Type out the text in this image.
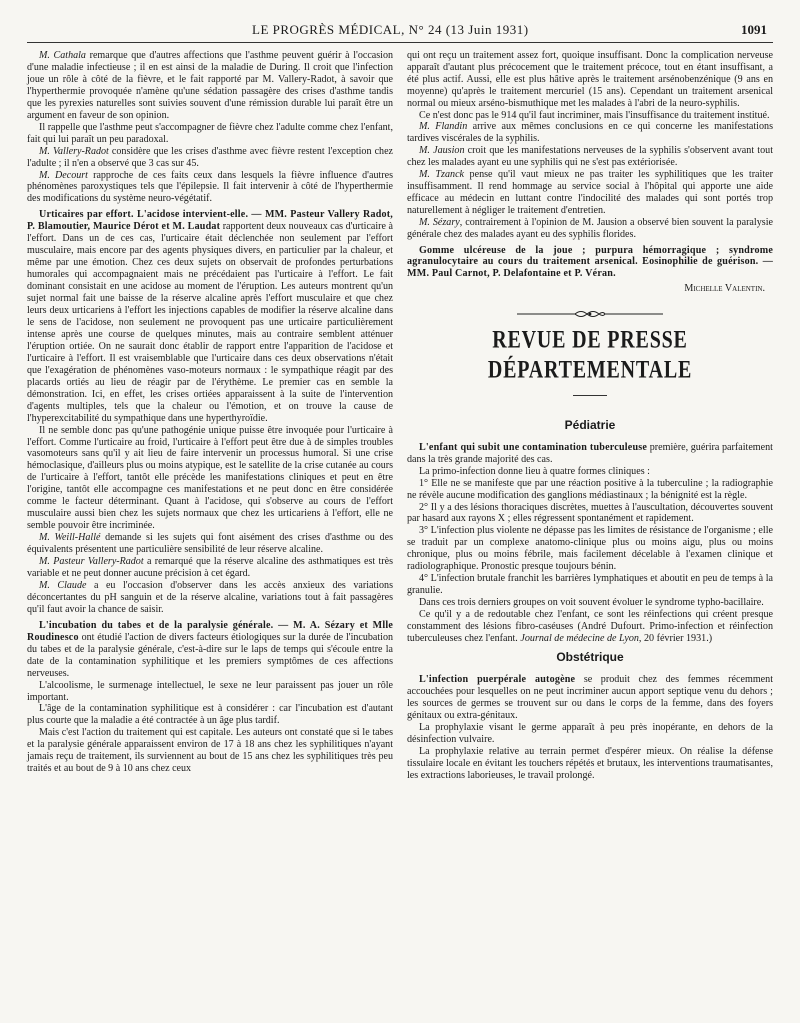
LE PROGRÈS MÉDICAL, N° 24 (13 Juin 1931)	1091

M. Cathala remarque que d'autres affections que l'asthme peuvent guérir à l'occasion d'une maladie infectieuse ; il en est ainsi de la maladie de During. Il croit que l'infection joue un rôle à côté de la fièvre, et le fait rapporté par M. Vallery-Radot, à savoir que l'hyperthermie provoquée n'amène qu'une sédation passagère des crises d'asthme tandis que les pyrexies naturelles sont suivies souvent d'une rémission durable lui paraît être un argument en faveur de son opinion.

Il rappelle que l'asthme peut s'accompagner de fièvre chez l'adulte comme chez l'enfant, fait qui lui paraît un peu paradoxal.

M. Vallery-Radot considère que les crises d'asthme avec fièvre restent l'exception chez l'adulte ; il n'en a observé que 3 cas sur 45.

M. Decourt rapproche de ces faits ceux dans lesquels la fièvre influence d'autres phénomènes paroxystiques tels que l'épilepsie. Il fait intervenir à côté de l'hyperthermie des modifications du système neuro-végétatif.

Urticaires par effort. L'acidose intervient-elle. — MM. Pasteur Vallery Radot, P. Blamoutier, Maurice Dérot et M. Laudat rapportent deux nouveaux cas d'urticaire à l'effort. Dans un de ces cas, l'urticaire était déclenchée non seulement par l'effort musculaire, mais encore par des agents physiques divers, en particulier par la chaleur, et même par une émotion. Chez ces deux sujets on observait de profondes perturbations humorales qui accompagnaient mais ne précédaient pas l'urticaire à l'effort. Le fait dominant consistait en une acidose au moment de l'éruption. Les auteurs montrent qu'un sujet normal fait une baisse de la réserve alcaline après l'effort musculaire et que chez leurs deux urticariens à l'effort les injections capables de modifier la réserve alcaline dans le sens de l'acidose, non seulement ne provoquent pas une urticaire particulièrement intense après une course de quelques minutes, mais au contraire semblent atténuer l'éruption ortiée. On ne saurait donc établir de rapport entre l'apparition de l'acidose et l'urticaire à l'effort. Il est vraisemblable que l'urticaire dans ces deux observations n'était que l'exagération de phénomènes vaso-moteurs normaux : le sympathique réagit par des placards ortiés au lieu de réagir par de l'érythème. Le premier cas en semble la démonstration. Ici, en effet, les crises ortiées apparaissent à la suite de l'intervention d'agents multiples, tels que la chaleur ou l'émotion, et on trouve la cause de l'hyperexcitabilité du sympathique dans une hyperthyroïdie.

Il ne semble donc pas qu'une pathogénie unique puisse être invoquée pour l'urticaire à l'effort. Comme l'urticaire au froid, l'urticaire à l'effort peut être due à de simples troubles vasomoteurs sans qu'il y ait lieu de faire intervenir un processus humoral. Si une crise hémoclasique, d'ailleurs plus ou moins atypique, est le satellite de la crise cutanée au cours de l'urticaire à l'effort, tantôt elle précède les manifestations cliniques et peut en être l'origine, tantôt elle accompagne ces manifestations et ne peut donc en être considérée comme le facteur déterminant. Quant à l'acidose, qui s'observe au cours de l'effort musculaire aussi bien chez les sujets normaux que chez les urticariens à l'effort, elle ne semble pouvoir être incriminée.

M. Weill-Hallé demande si les sujets qui font aisément des crises d'asthme ou des équivalents présentent une particulière sensibilité de leur réserve alcaline.

M. Pasteur Vallery-Radot a remarqué que la réserve alcaline des asthmatiques est très variable et ne peut donner aucune précision à cet égard.

M. Claude a eu l'occasion d'observer dans les accès anxieux des variations déconcertantes du pH sanguin et de la réserve alcaline, variations tout à fait passagères qu'il faut avoir la chance de saisir.

L'incubation du tabes et de la paralysie générale. — M. A. Sézary et Mlle Roudinesco ont étudié l'action de divers facteurs étiologiques sur la durée de l'incubation du tabes et de la paralysie générale, c'est-à-dire sur le laps de temps qui s'écoule entre la date de la contamination syphilitique et les premiers symptômes de ces affections nerveuses.

L'alcoolisme, le surmenage intellectuel, le sexe ne leur paraissent pas jouer un rôle important.

L'âge de la contamination syphilitique est à considérer : car l'incubation est d'autant plus courte que la maladie a été contractée à un âge plus tardif.

Mais c'est l'action du traitement qui est capitale. Les auteurs ont constaté que si le tabes et la paralysie générale apparaissent environ de 17 à 18 ans chez les syphilitiques n'ayant jamais reçu de traitement, ils surviennent au bout de 15 ans chez les syphilitiques très peu traités et au bout de 9 à 10 ans chez ceux

qui ont reçu un traitement assez fort, quoique insuffisant. Donc la complication nerveuse apparaît d'autant plus précocement que le traitement précoce, tout en étant insuffisant, a été plus actif. Aussi, elle est plus hâtive après le traitement arsénobenzénique (9 ans en moyenne) qu'après le traitement mercuriel (15 ans). Cependant un traitement arsenical normal ou mieux arséno-bismuthique met les malades à l'abri de la neuro-syphilis.

Ce n'est donc pas le 914 qu'il faut incriminer, mais l'insuffisance du traitement institué.

M. Flandin arrive aux mêmes conclusions en ce qui concerne les manifestations tardives viscérales de la syphilis.

M. Jausion croit que les manifestations nerveuses de la syphilis s'observent avant tout chez les malades ayant eu une syphilis qui ne s'est pas extériorisée.

M. Tzanck pense qu'il vaut mieux ne pas traiter les syphilitiques que les traiter insuffisamment. Il rend hommage au service social à l'hôpital qui apporte une aide efficace au médecin en luttant contre l'indocilité des malades qui sont portés trop naturellement à négliger le traitement d'entretien.

M. Sézary, contrairement à l'opinion de M. Jausion a observé bien souvent la paralysie générale chez des malades ayant eu des syphilis florides.

Gomme ulcéreuse de la joue ; purpura hémorragique ; syndrome agranulocytaire au cours du traitement arsenical. Eosinophilie de guérison. — MM. Paul Carnot, P. Delafontaine et P. Véran.

Michelle Valentin.
REVUE DE PRESSE DÉPARTEMENTALE
Pédiatrie

L'enfant qui subit une contamination tuberculeuse première, guérira parfaitement dans la très grande majorité des cas.

La primo-infection donne lieu à quatre formes cliniques :

1° Elle ne se manifeste que par une réaction positive à la tuberculine ; la radiographie ne révèle aucune modification des ganglions médiastinaux ; la bénignité est la règle.

2° Il y a des lésions thoraciques discrètes, muettes à l'auscultation, découvertes souvent par hasard aux rayons X ; elles régressent spontanément et rapidement.

3° L'infection plus violente ne dépasse pas les limites de résistance de l'organisme ; elle se traduit par un complexe anatomo-clinique plus ou moins aigu, plus ou moins chronique, plus ou moins fébrile, mais facilement décelable à l'examen clinique et radiolographique. Pronostic presque toujours bénin.

4° L'infection brutale franchit les barrières lymphatiques et aboutit en peu de temps à la granulie.

Dans ces trois derniers groupes on voit souvent évoluer le syndrome typho-bacillaire.

Ce qu'il y a de redoutable chez l'enfant, ce sont les réinfections qui créent presque constamment des lésions fibro-caséuses (André Dufourt. Primo-infection et réinfection tuberculeuses chez l'enfant. Journal de médecine de Lyon, 20 février 1931.)

Obstétrique

L'infection puerpérale autogène se produit chez des femmes récemment accouchées pour lesquelles on ne peut incriminer aucun apport septique venu du dehors ; les sources de germes se trouvent sur ou dans le corps de la femme, dans des foyers génitaux ou extra-génitaux.

La prophylaxie visant le germe apparaît à peu près inopérante, en dehors de la désinfection vulvaire.

La prophylaxie relative au terrain permet d'espérer mieux. On réalise la défense tissulaire locale en évitant les touchers répétés et brutaux, les interventions traumatisantes, les extractions laborieuses, le travail prolongé.
